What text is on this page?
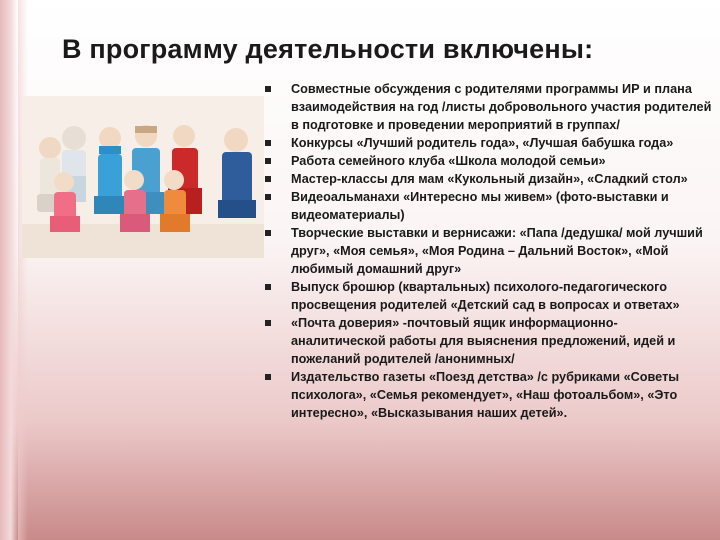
В программу деятельности включены:
Совместные обсуждения с родителями программы ИР и плана взаимодействия на год /листы добровольного участия родителей в подготовке и проведении мероприятий в группах/
Конкурсы «Лучший родитель года», «Лучшая бабушка года»
Работа семейного клуба «Школа молодой семьи»
Мастер-классы для мам «Кукольный дизайн», «Сладкий стол»
Видеоальманахи «Интересно мы живем» (фото-выставки и видеоматериалы)
Творческие выставки и вернисажи: «Папа /дедушка/ мой лучший друг», «Моя семья», «Моя Родина – Дальний Восток», «Мой любимый домашний друг»
Выпуск брошюр (квартальных) психолого-педагогического просвещения родителей «Детский сад в вопросах и ответах»
«Почта доверия» -почтовый ящик информационно-аналитической работы для выяснения предложений, идей и пожеланий родителей /анонимных/
Издательство газеты «Поезд детства» /с рубриками «Советы психолога», «Семья рекомендует», «Наш фотоальбом», «Это интересно», «Высказывания наших детей».
